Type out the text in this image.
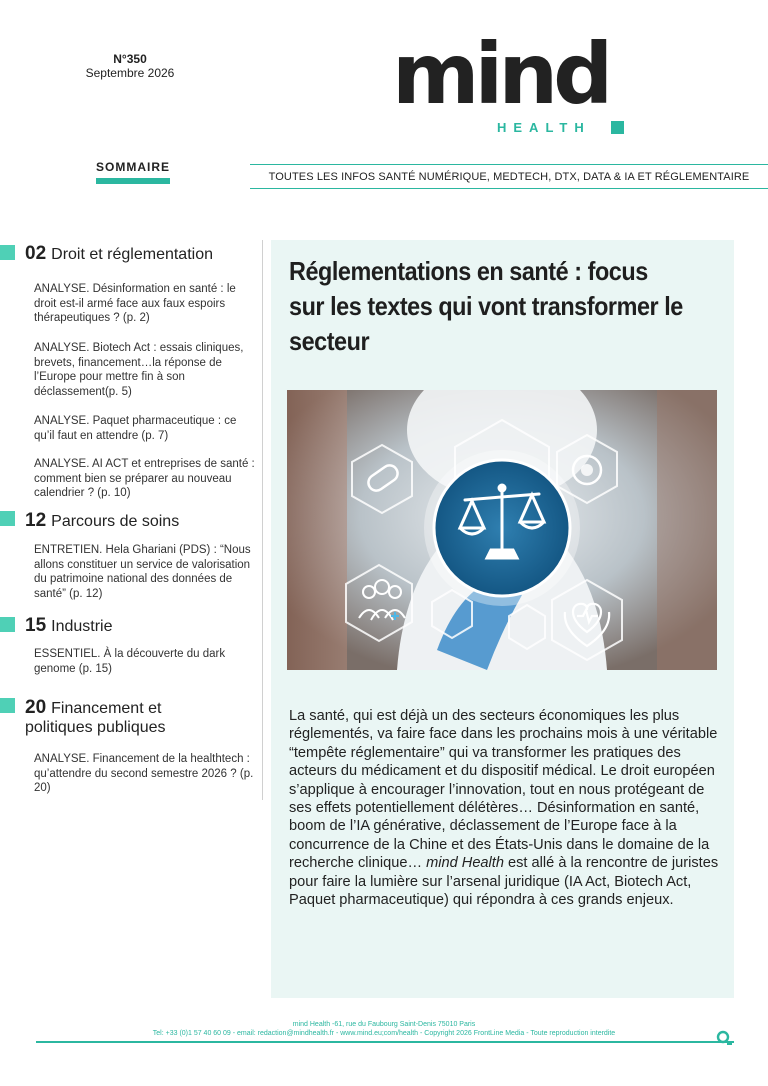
N°350
Septembre 2026	mind
HEALTH
SOMMAIRE
TOUTES LES INFOS SANTÉ NUMÉRIQUE, MEDTECH, DTX, DATA & IA ET RÉGLEMENTAIRE
02 Droit et réglementation
ANALYSE. Désinformation en santé : le droit est-il armé face aux faux espoirs thérapeutiques ? (p. 2)
ANALYSE. Biotech Act : essais cliniques, brevets, financement…la réponse de l’Europe pour mettre fin à son déclassement(p. 5)
ANALYSE. Paquet pharmaceutique : ce qu’il faut en attendre (p. 7)
ANALYSE. AI ACT et entreprises de santé : comment bien se préparer au nouveau calendrier ? (p. 10)
12 Parcours de soins
ENTRETIEN. Hela Ghariani (PDS) : “Nous allons constituer un service de valorisation du patrimoine national des données de santé” (p. 12)
15 Industrie
ESSENTIEL. À la découverte du dark genome (p. 15)
20 Financement et
politiques publiques
ANALYSE. Financement de la healthtech : qu’attendre du second semestre 2026 ? (p. 20)
Réglementations en santé : focus sur les textes qui vont transformer le secteur
La santé, qui est déjà un des secteurs économiques les plus réglementés, va faire face dans les prochains mois à une véritable “tempête réglementaire” qui va transformer les pratiques des acteurs du médicament et du dispositif médical. Le droit européen s’applique à encourager l’innovation, tout en nous protégeant de ses effets potentiellement délétères… Désinformation en santé, boom de l’IA générative, déclassement de l’Europe face à la concurrence de la Chine et des États-Unis dans le domaine de la recherche clinique… mind Health est allé à la rencontre de juristes pour faire la lumière sur l’arsenal juridique (IA Act, Biotech Act, Paquet pharmaceutique) qui répondra à ces grands enjeux.
mind Health -61, rue du Faubourg Saint-Denis 75010 Paris
Tel: +33 (0)1 57 40 60 09 - email: redaction@mindhealth.fr - www.mind.eu;com/health - Copyright 2026 FrontLine Media - Toute reproduction interdite
